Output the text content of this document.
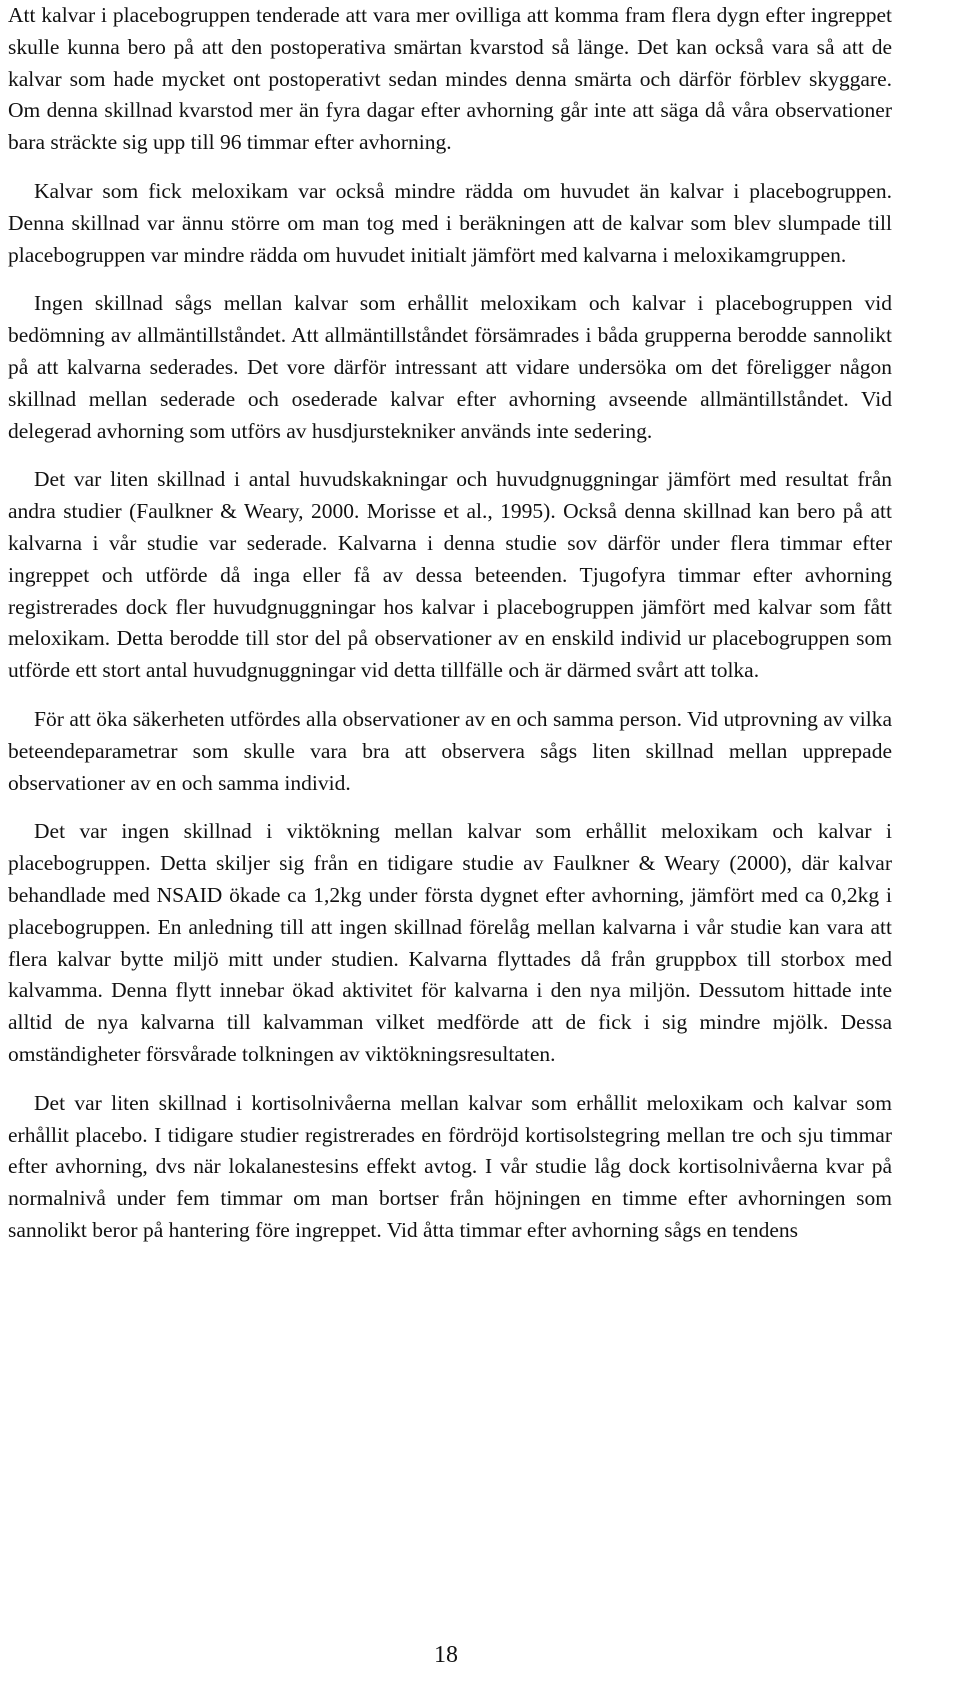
Att kalvar i placebogruppen tenderade att vara mer ovilliga att komma fram flera dygn efter ingreppet skulle kunna bero på att den postoperativa smärtan kvarstod så länge. Det kan också vara så att de kalvar som hade mycket ont postoperativt sedan mindes denna smärta och därför förblev skyggare. Om denna skillnad kvarstod mer än fyra dagar efter avhorning går inte att säga då våra observationer bara sträckte sig upp till 96 timmar efter avhorning.

Kalvar som fick meloxikam var också mindre rädda om huvudet än kalvar i placebogruppen. Denna skillnad var ännu större om man tog med i beräkningen att de kalvar som blev slumpade till placebogruppen var mindre rädda om huvudet initialt jämfört med kalvarna i meloxikamgruppen.

Ingen skillnad sågs mellan kalvar som erhållit meloxikam och kalvar i placebogruppen vid bedömning av allmäntillståndet. Att allmäntillståndet försämrades i båda grupperna berodde sannolikt på att kalvarna sederades. Det vore därför intressant att vidare undersöka om det föreligger någon skillnad mellan sederade och osederade kalvar efter avhorning avseende allmäntillståndet. Vid delegerad avhorning som utförs av husdjurstekniker används inte sedering.

Det var liten skillnad i antal huvudskakningar och huvudgnuggningar jämfört med resultat från andra studier (Faulkner & Weary, 2000. Morisse et al., 1995). Också denna skillnad kan bero på att kalvarna i vår studie var sederade. Kalvarna i denna studie sov därför under flera timmar efter ingreppet och utförde då inga eller få av dessa beteenden. Tjugofyra timmar efter avhorning registrerades dock fler huvudgnuggningar hos kalvar i placebogruppen jämfört med kalvar som fått meloxikam. Detta berodde till stor del på observationer av en enskild individ ur placebogruppen som utförde ett stort antal huvudgnuggningar vid detta tillfälle och är därmed svårt att tolka.

För att öka säkerheten utfördes alla observationer av en och samma person. Vid utprovning av vilka beteendeparametrar som skulle vara bra att observera sågs liten skillnad mellan upprepade observationer av en och samma individ.

Det var ingen skillnad i viktökning mellan kalvar som erhållit meloxikam och kalvar i placebogruppen. Detta skiljer sig från en tidigare studie av Faulkner & Weary (2000), där kalvar behandlade med NSAID ökade ca 1,2kg under första dygnet efter avhorning, jämfört med ca 0,2kg i placebogruppen. En anledning till att ingen skillnad förelåg mellan kalvarna i vår studie kan vara att flera kalvar bytte miljö mitt under studien. Kalvarna flyttades då från gruppbox till storbox med kalvamma. Denna flytt innebar ökad aktivitet för kalvarna i den nya miljön. Dessutom hittade inte alltid de nya kalvarna till kalvamman vilket medförde att de fick i sig mindre mjölk. Dessa omständigheter försvårade tolkningen av viktökningsresultaten.

Det var liten skillnad i kortisolnivåerna mellan kalvar som erhållit meloxikam och kalvar som erhållit placebo. I tidigare studier registrerades en fördröjd kortisolstegring mellan tre och sju timmar efter avhorning, dvs när lokalanestesins effekt avtog. I vår studie låg dock kortisolnivåerna kvar på normalnivå under fem timmar om man bortser från höjningen en timme efter avhorningen som sannolikt beror på hantering före ingreppet. Vid åtta timmar efter avhorning sågs en tendens

18
